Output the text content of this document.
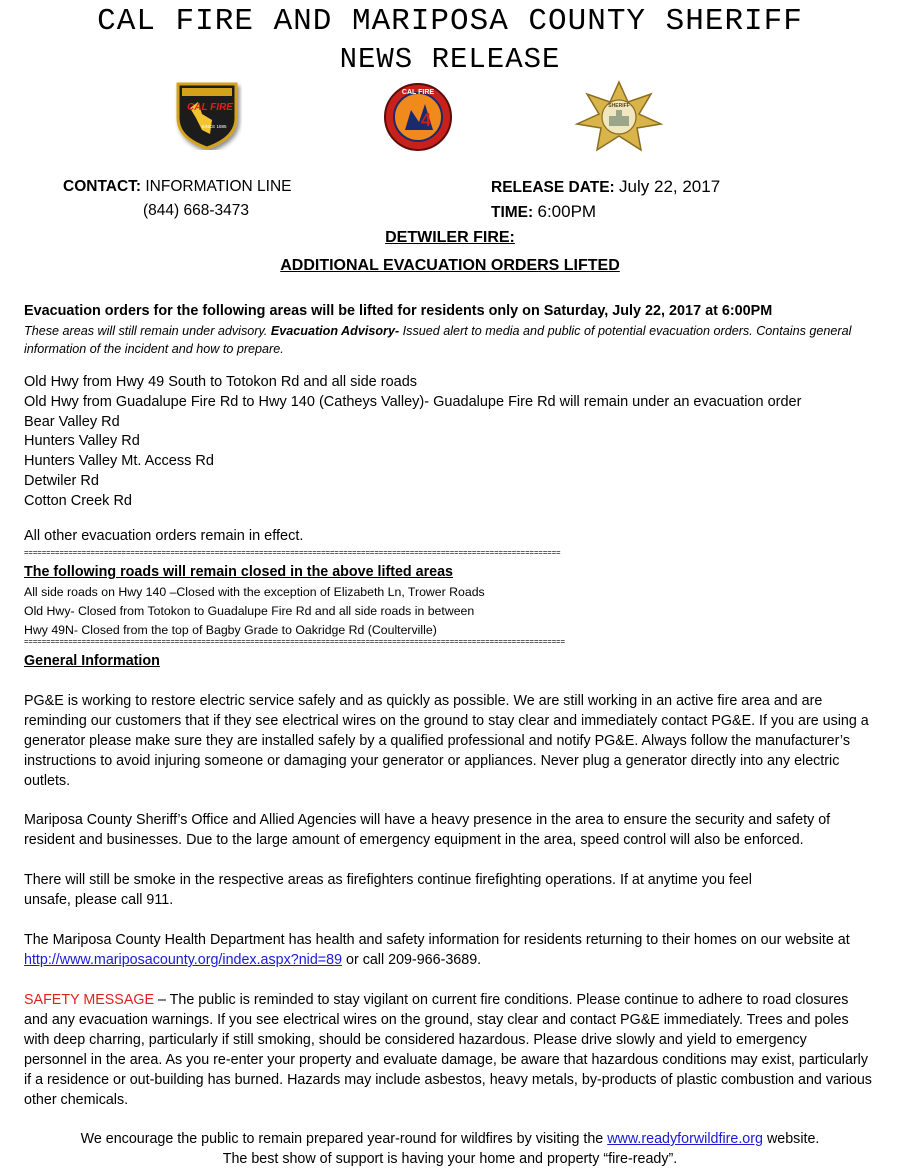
CAL FIRE AND MARIPOSA COUNTY SHERIFF
NEWS RELEASE
CAL FIRE
SINCE 1885
CAL FIRE
4
SHERIFF
CONTACT: INFORMATION LINE
(844) 668-3473
RELEASE DATE: July 22, 2017
TIME: 6:00PM
DETWILER FIRE:
ADDITIONAL EVACUATION ORDERS LIFTED
Evacuation orders for the following areas will be lifted for residents only on Saturday, July 22, 2017 at 6:00PM
These areas will still remain under advisory. Evacuation Advisory- Issued alert to media and public of potential evacuation orders. Contains general information of the incident and how to prepare.
Old Hwy from Hwy 49 South to Totokon Rd and all side roads
Old Hwy from Guadalupe Fire Rd to Hwy 140 (Catheys Valley)- Guadalupe Fire Rd will remain under an evacuation order
Bear Valley Rd
Hunters Valley Rd
Hunters Valley Mt. Access Rd
Detwiler Rd
Cotton Creek Rd
All other evacuation orders remain in effect.
=========================================================================================================================
The following roads will remain closed in the above lifted areas
All side roads on Hwy 140 –Closed with the exception of Elizabeth Ln, Trower Roads
Old Hwy- Closed from Totokon to Guadalupe Fire Rd and all side roads in between
Hwy 49N- Closed from the top of Bagby Grade to Oakridge Rd (Coulterville)
==========================================================================================================================
General Information
PG&E is working to restore electric service safely and as quickly as possible. We are still working in an active fire area and are reminding our customers that if they see electrical wires on the ground to stay clear and immediately contact PG&E. If you are using a generator please make sure they are installed safely by a qualified professional and notify PG&E. Always follow the manufacturer’s instructions to avoid injuring someone or damaging your generator or appliances. Never plug a generator directly into any electric outlets.
Mariposa County Sheriff’s Office and Allied Agencies will have a heavy presence in the area to ensure the security and safety of resident and businesses. Due to the large amount of emergency equipment in the area, speed control will also be enforced.
There will still be smoke in the respective areas as firefighters continue firefighting operations. If at anytime you feel
unsafe, please call 911.
The Mariposa County Health Department has health and safety information for residents returning to their homes on our website at http://www.mariposacounty.org/index.aspx?nid=89 or call 209-966-3689.
SAFETY MESSAGE – The public is reminded to stay vigilant on current fire conditions. Please continue to adhere to road closures and any evacuation warnings. If you see electrical wires on the ground, stay clear and contact PG&E immediately. Trees and poles with deep charring, particularly if still smoking, should be considered hazardous. Please drive slowly and yield to emergency personnel in the area. As you re-enter your property and evaluate damage, be aware that hazardous conditions may exist, particularly if a residence or out-building has burned. Hazards may include asbestos, heavy metals, by-products of plastic combustion and various other chemicals.
We encourage the public to remain prepared year-round for wildfires by visiting the www.readyforwildfire.org website.
The best show of support is having your home and property “fire-ready”.
